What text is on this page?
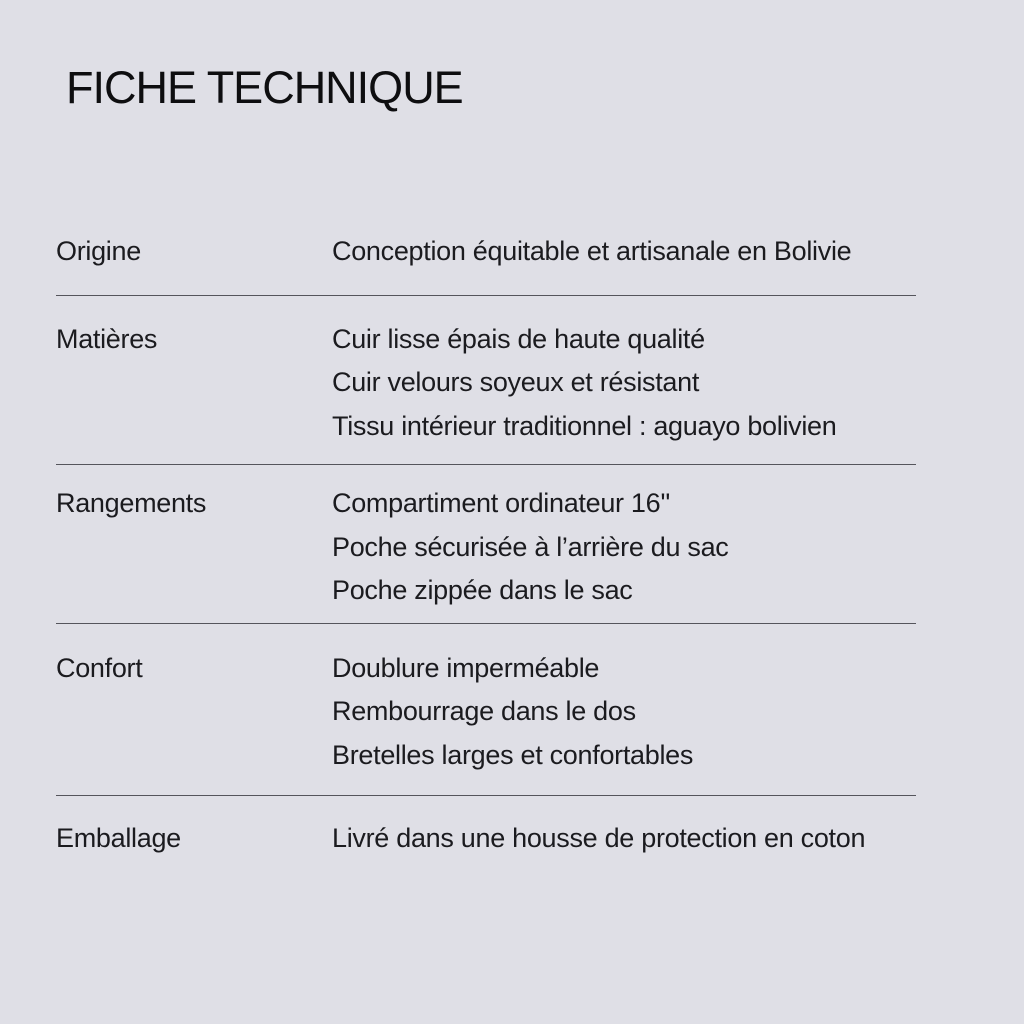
FICHE TECHNIQUE
Origine	Conception équitable et artisanale en Bolivie
Matières	Cuir lisse épais de haute qualité
Cuir velours soyeux et résistant
Tissu intérieur traditionnel : aguayo bolivien
Rangements	Compartiment ordinateur 16''
Poche sécurisée à l’arrière du sac
Poche zippée dans le sac
Confort	Doublure imperméable
Rembourrage dans le dos
Bretelles larges et confortables
Emballage	Livré dans une housse de protection en coton
